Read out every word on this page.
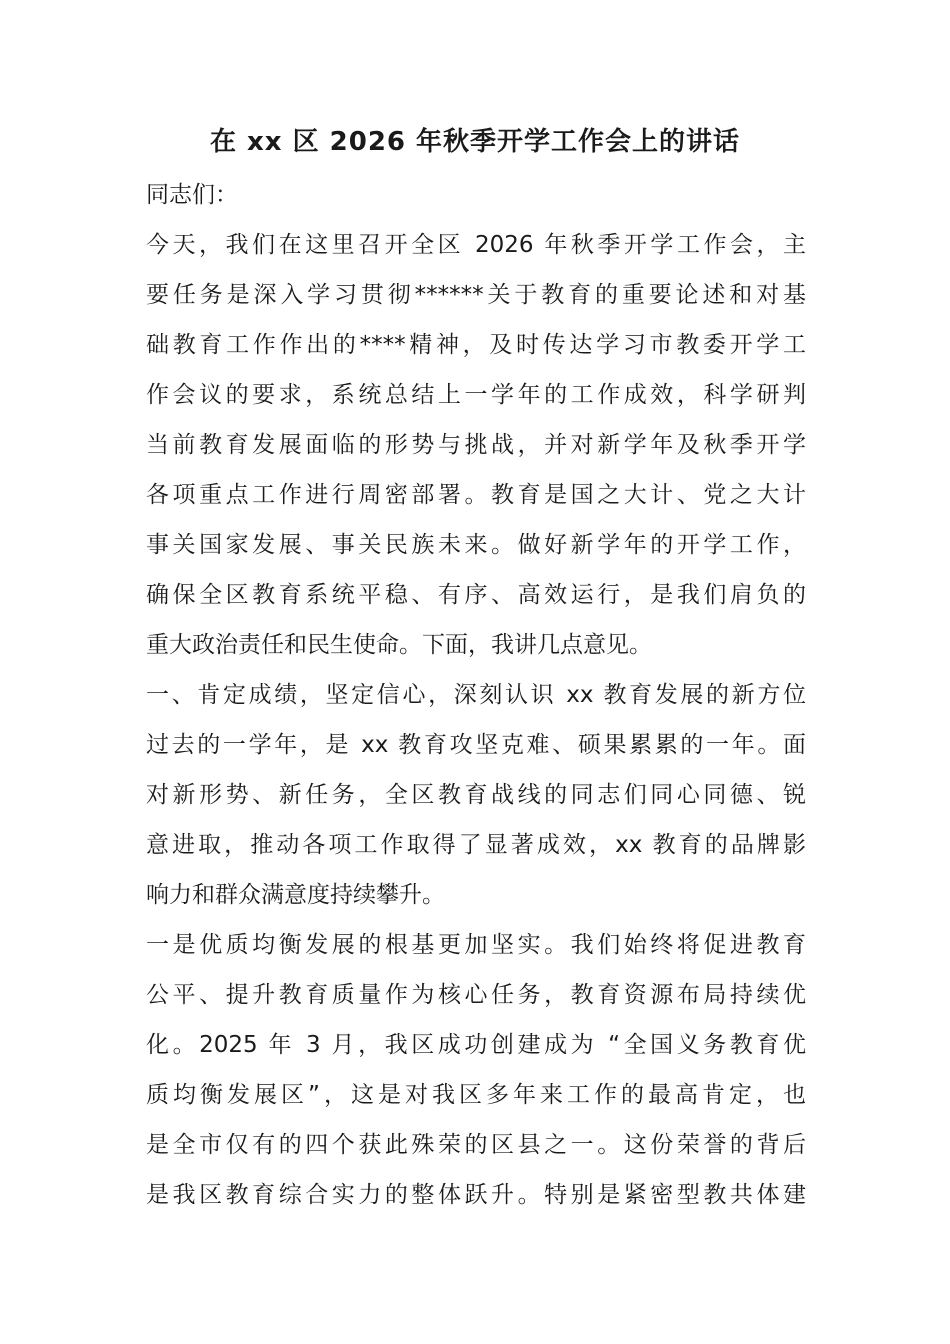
在 xx 区 2026 年秋季开学工作会上的讲话
同志们：
今天，我们在这里召开全区 2026 年秋季开学工作会，主
要任务是深入学习贯彻******关于教育的重要论述和对基
础教育工作作出的****精神，及时传达学习市教委开学工
作会议的要求，系统总结上一学年的工作成效，科学研判
当前教育发展面临的形势与挑战，并对新学年及秋季开学
各项重点工作进行周密部署。教育是国之大计、党之大计
事关国家发展、事关民族未来。做好新学年的开学工作，
确保全区教育系统平稳、有序、高效运行，是我们肩负的
重大政治责任和民生使命。下面，我讲几点意见。
一、肯定成绩，坚定信心，深刻认识 xx 教育发展的新方位
过去的一学年，是 xx 教育攻坚克难、硕果累累的一年。面
对新形势、新任务，全区教育战线的同志们同心同德、锐
意进取，推动各项工作取得了显著成效，xx 教育的品牌影
响力和群众满意度持续攀升。
一是优质均衡发展的根基更加坚实。我们始终将促进教育
公平、提升教育质量作为核心任务，教育资源布局持续优
化。2025 年 3 月，我区成功创建成为 “全国义务教育优
质均衡发展区”，这是对我区多年来工作的最高肯定，也
是全市仅有的四个获此殊荣的区县之一。这份荣誉的背后
是我区教育综合实力的整体跃升。特别是紧密型教共体建
